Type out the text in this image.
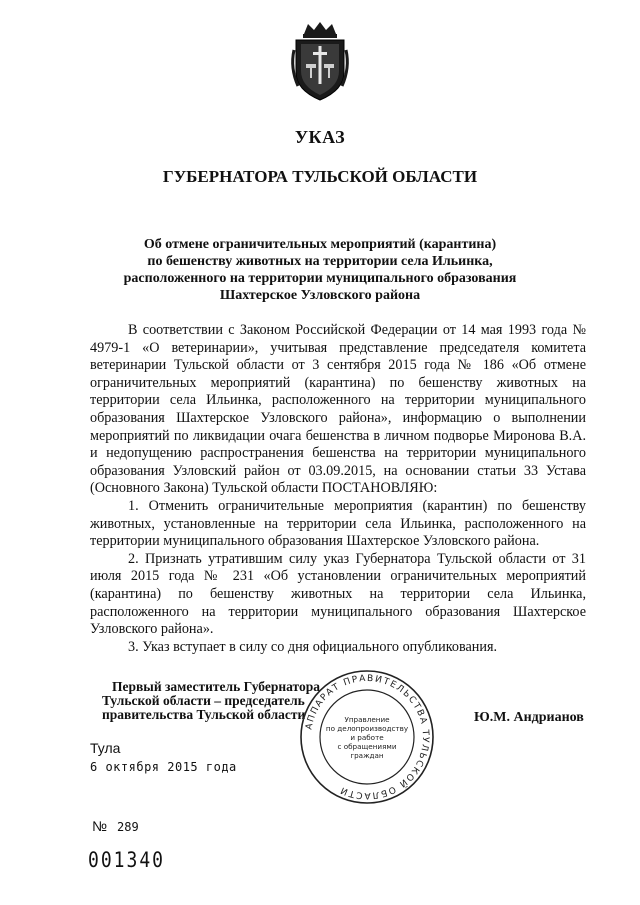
УКАЗ
ГУБЕРНАТОРА ТУЛЬСКОЙ ОБЛАСТИ
Об отмене ограничительных мероприятий (карантина)
по бешенству животных на территории села Ильинка,
расположенного на территории муниципального образования
Шахтерское Узловского района

В соответствии с Законом Российской Федерации от 14 мая 1993 года № 4979-1 «О ветеринарии», учитывая представление председателя комитета ветеринарии Тульской области от 3 сентября 2015 года № 186 «Об отмене ограничительных мероприятий (карантина) по бешенству животных на территории села Ильинка, расположенного на территории муниципального образования Шахтерское Узловского района», информацию о выполнении мероприятий по ликвидации очага бешенства в личном подворье Миронова В.А. и недопущению распространения бешенства на территории муниципального образования Узловский район от 03.09.2015, на основании статьи 33 Устава (Основного Закона) Тульской области ПОСТАНОВЛЯЮ:

1. Отменить ограничительные мероприятия (карантин) по бешенству животных, установленные на территории села Ильинка, расположенного на территории муниципального образования Шахтерское Узловского района.

2. Признать утратившим силу указ Губернатора Тульской области от 31 июля 2015 года № 231 «Об установлении ограничительных мероприятий (карантина) по бешенству животных на территории села Ильинка, расположенного на территории муниципального образования Шахтерское Узловского района».

3. Указ вступает в силу со дня официального опубликования.

Первый заместитель Губернатора
Тульской области – председатель
правительства Тульской области
АППАРАТ ПРАВИТЕЛЬСТВА ТУЛЬСКОЙ ОБЛАСТИ
Управление
по делопроизводству
и работе
с обращениями
граждан
Ю.М. Андрианов
Тула
6 октября 2015 года
№ 289
001340
